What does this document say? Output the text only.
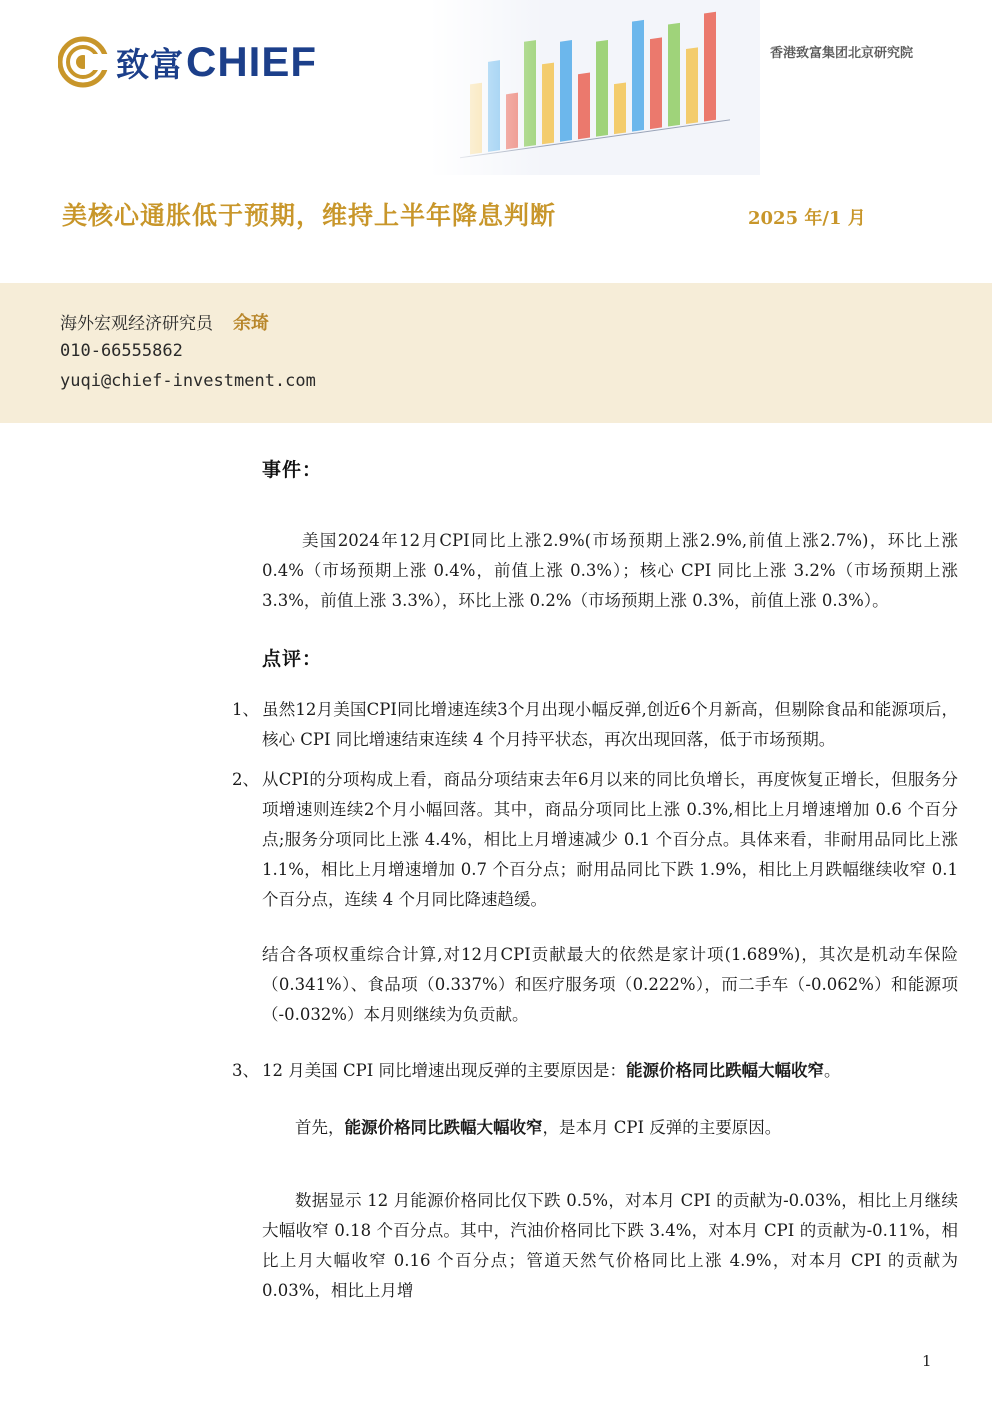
致富 CHIEF	香港致富集团北京研究院
美核心通胀低于预期，维持上半年降息判断	2025 年/1 月
海外宏观经济研究员 余琦
010-66555862
yuqi@chief-investment.com
事件：

美国2024年12月CPI同比上涨2.9%(市场预期上涨2.9%,前值上涨2.7%)，环比上涨 0.4%（市场预期上涨 0.4%，前值上涨 0.3%）；核心 CPI 同比上涨 3.2%（市场预期上涨 3.3%，前值上涨 3.3%），环比上涨 0.2%（市场预期上涨 0.3%，前值上涨 0.3%）。

点评：
1、 虽然12月美国CPI同比增速连续3个月出现小幅反弹,创近6个月新高，但剔除食品和能源项后，核心 CPI 同比增速结束连续 4 个月持平状态，再次出现回落，低于市场预期。
2、 从CPI的分项构成上看，商品分项结束去年6月以来的同比负增长，再度恢复正增长，但服务分项增速则连续2个月小幅回落。其中，商品分项同比上涨 0.3%,相比上月增速增加 0.6 个百分点;服务分项同比上涨 4.4%，相比上月增速减少 0.1 个百分点。具体来看，非耐用品同比上涨 1.1%，相比上月增速增加 0.7 个百分点；耐用品同比下跌 1.9%，相比上月跌幅继续收窄 0.1 个百分点，连续 4 个月同比降速趋缓。

结合各项权重综合计算,对12月CPI贡献最大的依然是家计项(1.689%)，其次是机动车保险（0.341%）、食品项（0.337%）和医疗服务项（0.222%），而二手车（-0.062%）和能源项（-0.032%）本月则继续为负贡献。

3、 12 月美国 CPI 同比增速出现反弹的主要原因是：能源价格同比跌幅大幅收窄。

首先，能源价格同比跌幅大幅收窄，是本月 CPI 反弹的主要原因。

数据显示 12 月能源价格同比仅下跌 0.5%，对本月 CPI 的贡献为-0.03%，相比上月继续大幅收窄 0.18 个百分点。其中，汽油价格同比下跌 3.4%，对本月 CPI 的贡献为-0.11%，相比上月大幅收窄 0.16 个百分点；管道天然气价格同比上涨 4.9%，对本月 CPI 的贡献为 0.03%，相比上月增

1
